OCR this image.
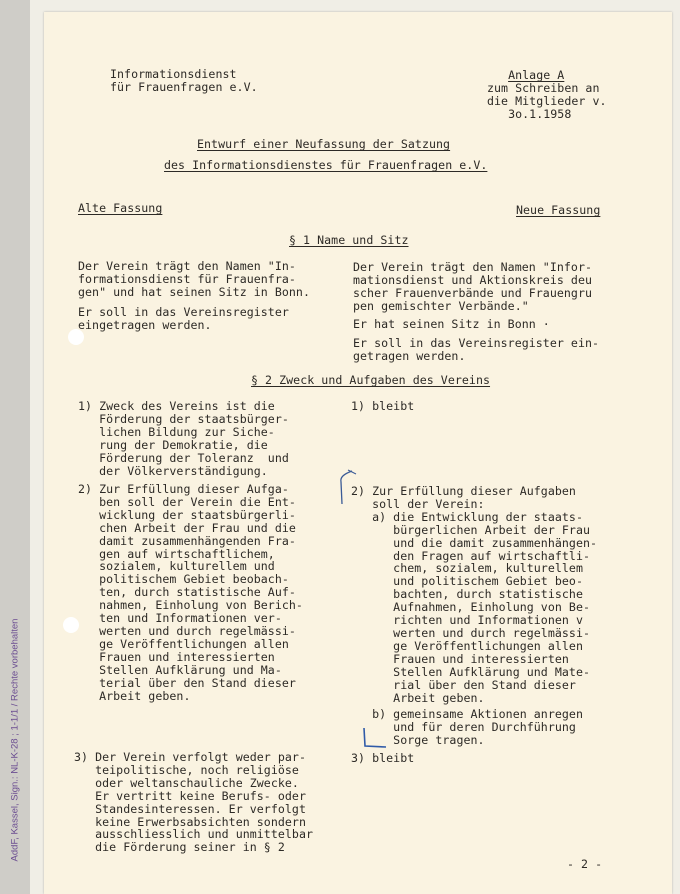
AddF, Kassel, Sign.: NL-K-28 ; 1-1/1 / Rechte vorbehalten
Informationsdienst
für Frauenfragen e.V.
Anlage A
zum Schreiben an
die Mitglieder v.
3o.1.1958
Entwurf einer Neufassung der Satzung
des Informationsdienstes für Frauenfragen e.V.
Alte Fassung	Neue Fassung
§ 1 Name und Sitz
Der Verein trägt den Namen "In-
formationsdienst für Frauenfra-
gen" und hat seinen Sitz in Bonn.
Er soll in das Vereinsregister
eingetragen werden.
Der Verein trägt den Namen "Infor-
mationsdienst und Aktionskreis deu
scher Frauenverbände und Frauengru
pen gemischter Verbände."
Er hat seinen Sitz in Bonn ·
Er soll in das Vereinsregister ein-
getragen werden.
§ 2 Zweck und Aufgaben des Vereins
1) Zweck des Vereins ist die
Förderung der staatsbürger-
lichen Bildung zur Siche-
rung der Demokratie, die
Förderung der Toleranz  und
der Völkerverständigung.
2) Zur Erfüllung dieser Aufga-
ben soll der Verein die Ent-
wicklung der staatsbürgerli-
chen Arbeit der Frau und die
damit zusammenhängenden Fra-
gen auf wirtschaftlichem,
sozialem, kulturellem und
politischem Gebiet beobach-
ten, durch statistische Auf-
nahmen, Einholung von Berich-
ten und Informationen ver-
werten und durch regelmässi-
ge Veröffentlichungen allen
Frauen und interessierten
Stellen Aufklärung und Ma-
terial über den Stand dieser
Arbeit geben.
3) Der Verein verfolgt weder par-
teipolitische, noch religiöse
oder weltanschauliche Zwecke.
Er vertritt keine Berufs- oder
Standesinteressen. Er verfolgt
keine Erwerbsabsichten sondern
ausschliesslich und unmittelbar
die Förderung seiner in § 2
1) bleibt
2) Zur Erfüllung dieser Aufgaben
soll der Verein:
a) die Entwicklung der staats-
bürgerlichen Arbeit der Frau
und die damit zusammenhängen-
den Fragen auf wirtschaftli-
chem, sozialem, kulturellem
und politischem Gebiet beo-
bachten, durch statistische
Aufnahmen, Einholung von Be-
richten und Informationen v
werten und durch regelmässi-
ge Veröffentlichungen allen
Frauen und interessierten
Stellen Aufklärung und Mate-
rial über den Stand dieser
Arbeit geben.
b) gemeinsame Aktionen anregen
und für deren Durchführung
Sorge tragen.
3) bleibt
- 2 -
